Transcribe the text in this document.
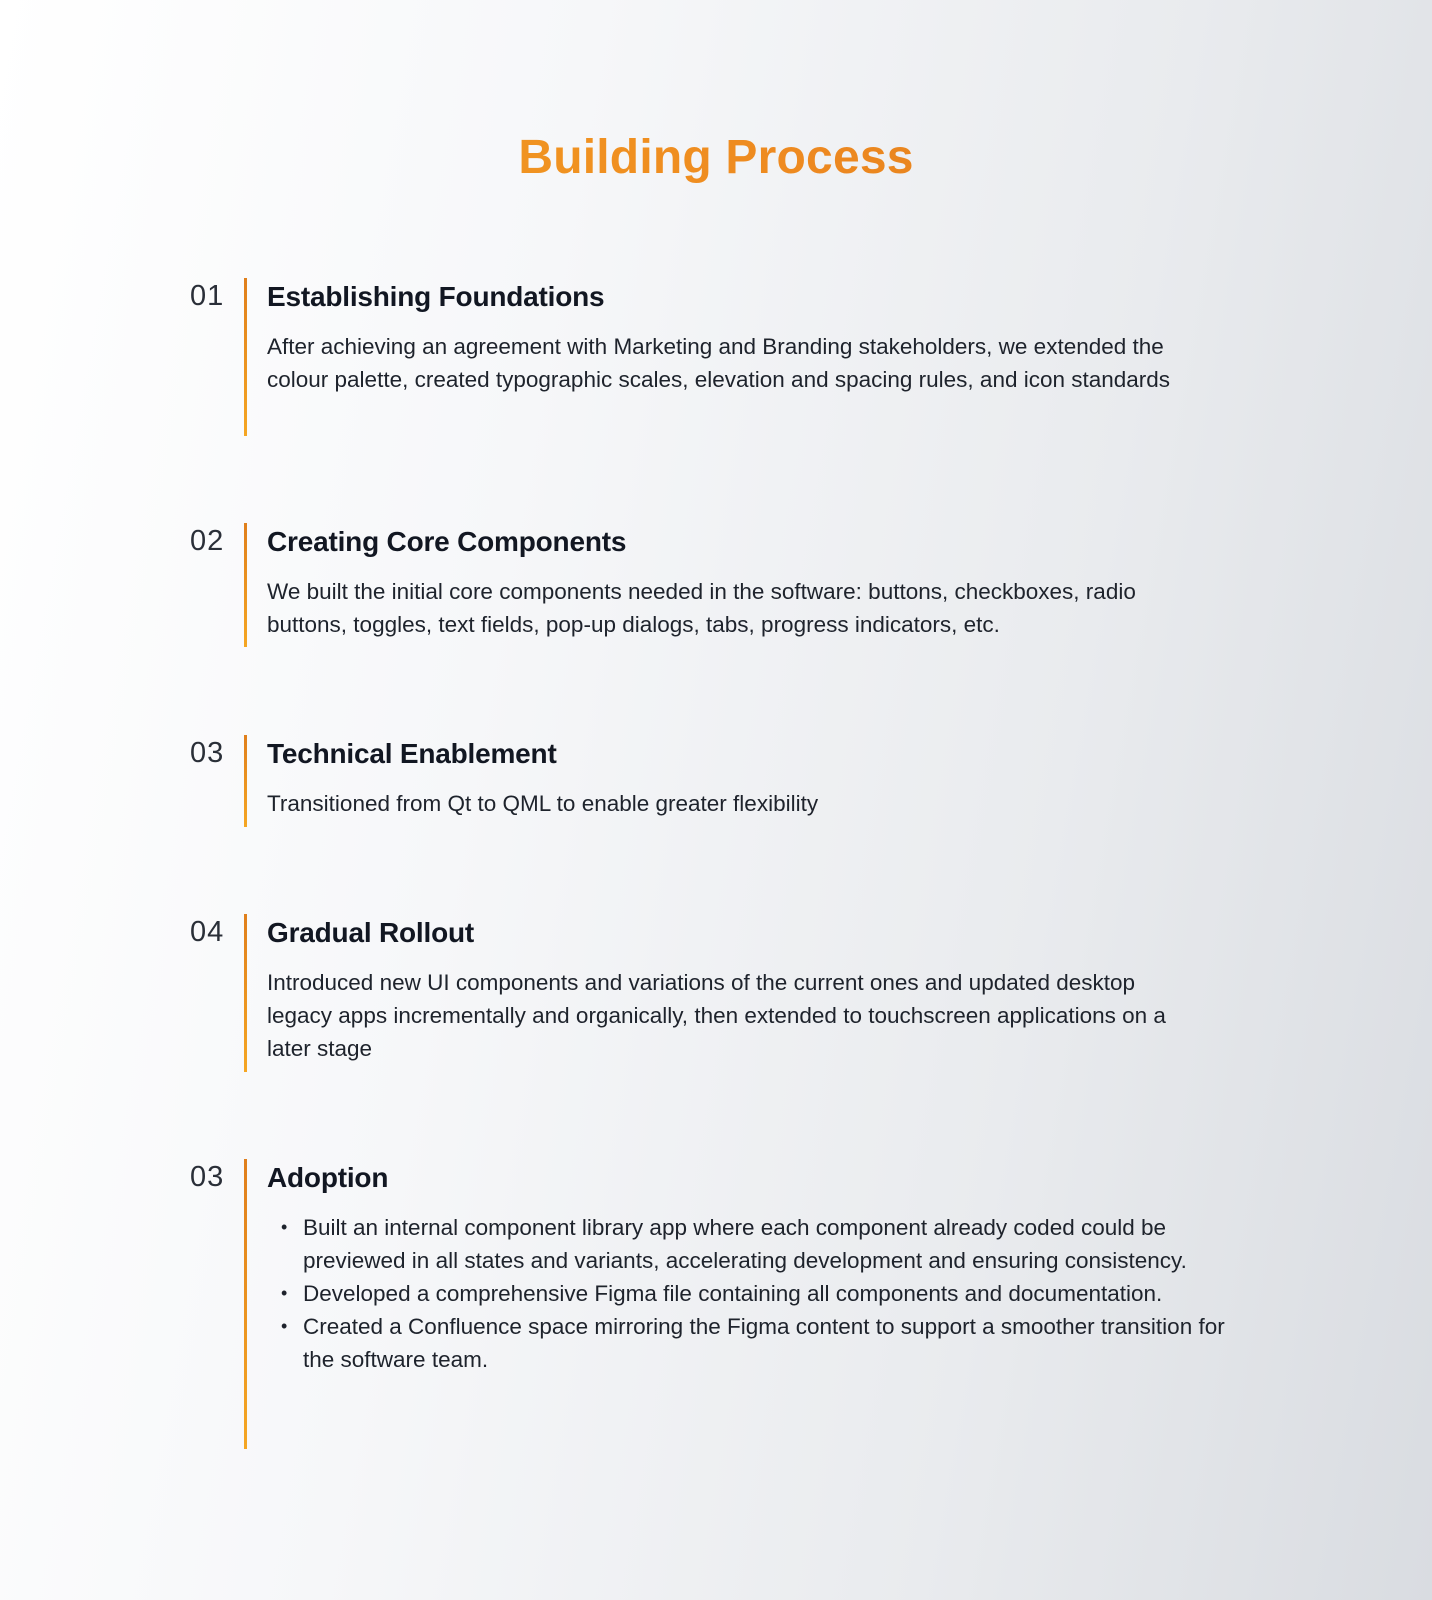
Building Process
01 Establishing Foundations

After achieving an agreement with Marketing and Branding stakeholders, we extended the colour palette, created typographic scales, elevation and spacing rules, and icon standards

02 Creating Core Components

We built the initial core components needed in the software: buttons, checkboxes, radio buttons, toggles, text fields, pop-up dialogs, tabs, progress indicators, etc.

03 Technical Enablement

Transitioned from Qt to QML to enable greater flexibility

04 Gradual Rollout

Introduced new UI components and variations of the current ones and updated desktop legacy apps incrementally and organically, then extended to touchscreen applications on a later stage

03 Adoption
• Built an internal component library app where each component already coded could be previewed in all states and variants, accelerating development and ensuring consistency.
• Developed a comprehensive Figma file containing all components and documentation.
• Created a Confluence space mirroring the Figma content to support a smoother transition for the software team.
